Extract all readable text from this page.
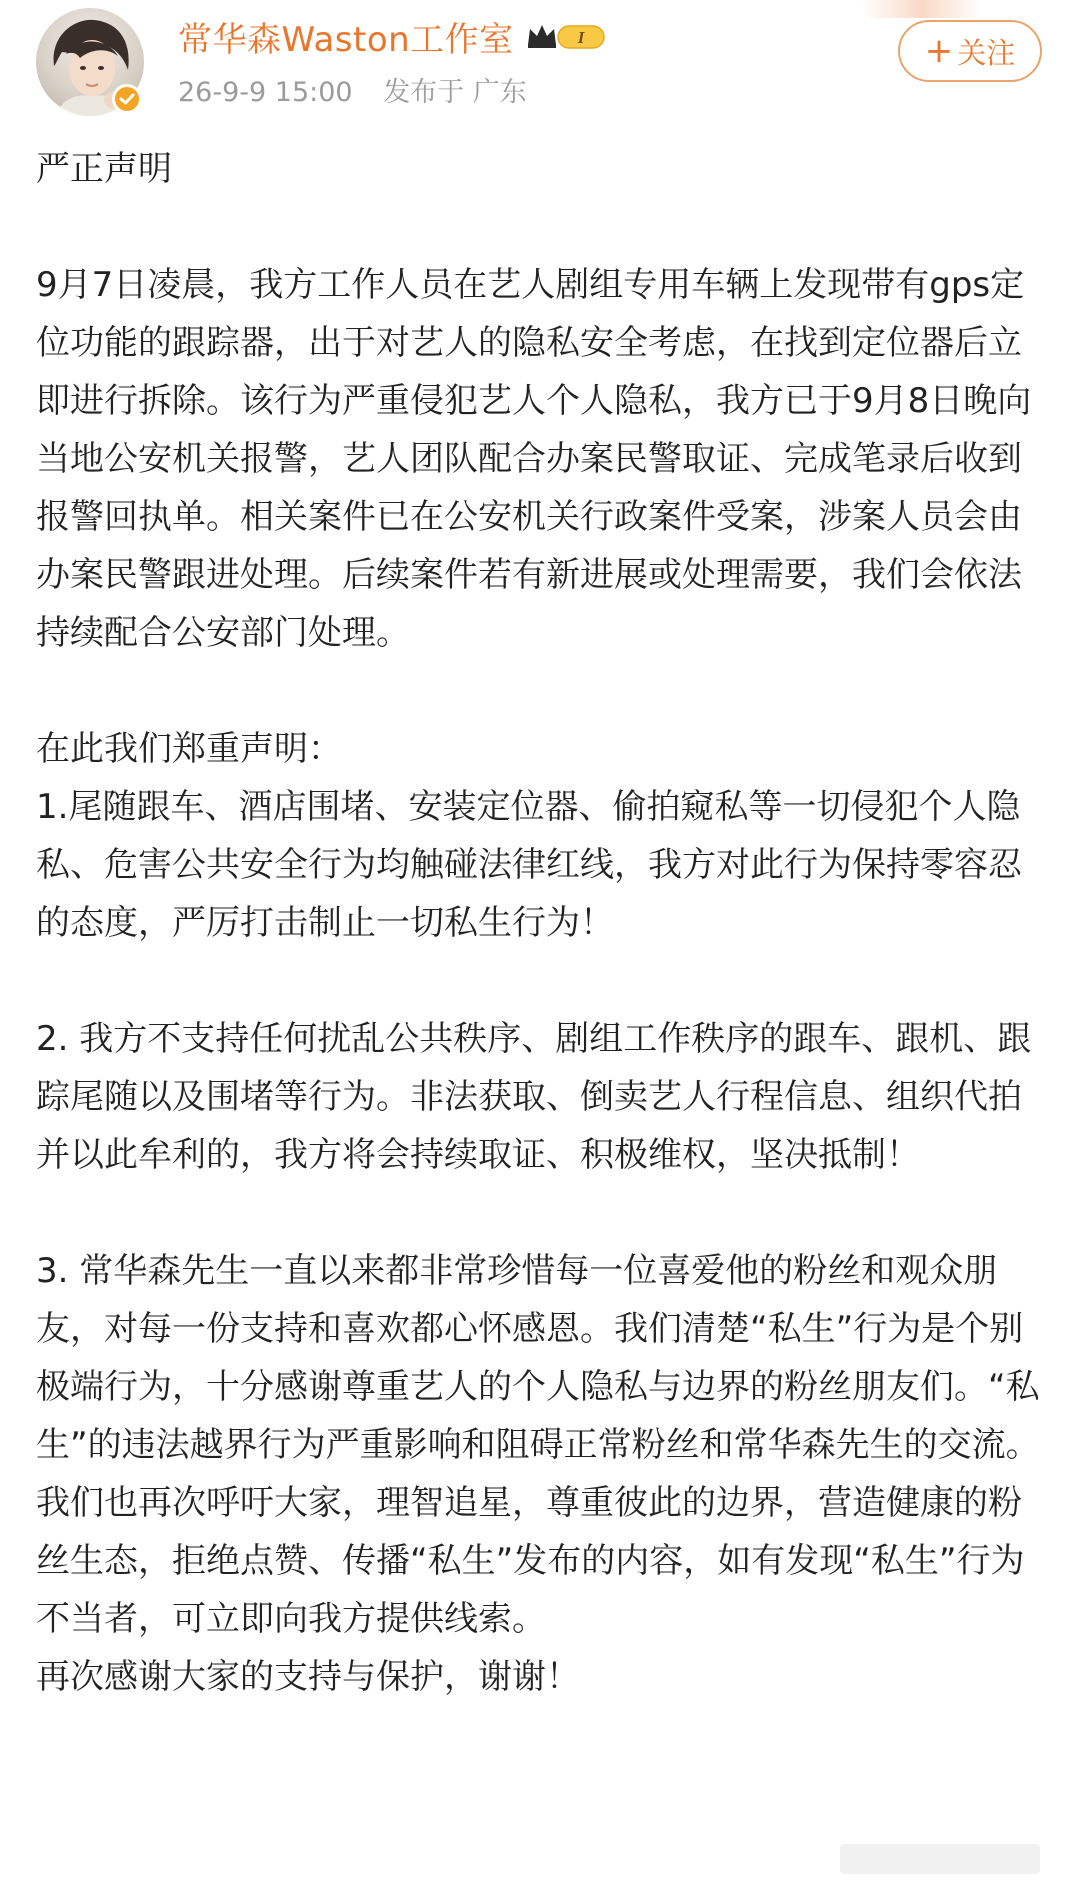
常华森Waston工作室	I
26-9-9 15:00 发布于 广东
+ 关注

严正声明

9月7日凌晨，我方工作人员在艺人剧组专用车辆上发现带有gps定位功能的跟踪器，出于对艺人的隐私安全考虑，在找到定位器后立即进行拆除。该行为严重侵犯艺人个人隐私，我方已于9月8日晚向当地公安机关报警，艺人团队配合办案民警取证、完成笔录后收到报警回执单。相关案件已在公安机关行政案件受案，涉案人员会由办案民警跟进处理。后续案件若有新进展或处理需要，我们会依法持续配合公安部门处理。

在此我们郑重声明：

1.尾随跟车、酒店围堵、安装定位器、偷拍窥私等一切侵犯个人隐私、危害公共安全行为均触碰法律红线，我方对此行为保持零容忍的态度，严厉打击制止一切私生行为！

2. 我方不支持任何扰乱公共秩序、剧组工作秩序的跟车、跟机、跟踪尾随以及围堵等行为。非法获取、倒卖艺人行程信息、组织代拍并以此牟利的，我方将会持续取证、积极维权，坚决抵制！

3. 常华森先生一直以来都非常珍惜每一位喜爱他的粉丝和观众朋友，对每一份支持和喜欢都心怀感恩。我们清楚“私生”行为是个别极端行为，十分感谢尊重艺人的个人隐私与边界的粉丝朋友们。“私生”的违法越界行为严重影响和阻碍正常粉丝和常华森先生的交流。我们也再次呼吁大家，理智追星，尊重彼此的边界，营造健康的粉丝生态，拒绝点赞、传播“私生”发布的内容，如有发现“私生”行为不当者，可立即向我方提供线索。

再次感谢大家的支持与保护，谢谢！
